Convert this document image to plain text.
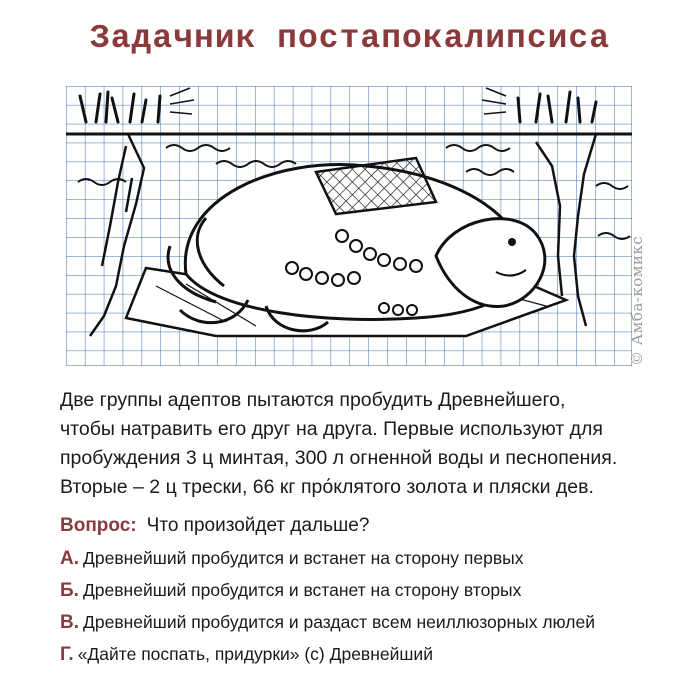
Задачник постапокалипсиса
© Амба-комикс
Две группы адептов пытаются пробудить Древнейшего,
чтобы натравить его друг на друга. Первые используют для
пробуждения 3 ц минтая, 300 л огненной воды и песнопения.
Вторые – 2 ц трески, 66 кг про́клятого золота и пляски дев.
Вопрос: Что произойдет дальше?
А. Древнейший пробудится и встанет на сторону первых
Б. Древнейший пробудится и встанет на сторону вторых
В. Древнейший пробудится и раздаст всем неиллюзорных люлей
Г. «Дайте поспать, придурки» (с) Древнейший
